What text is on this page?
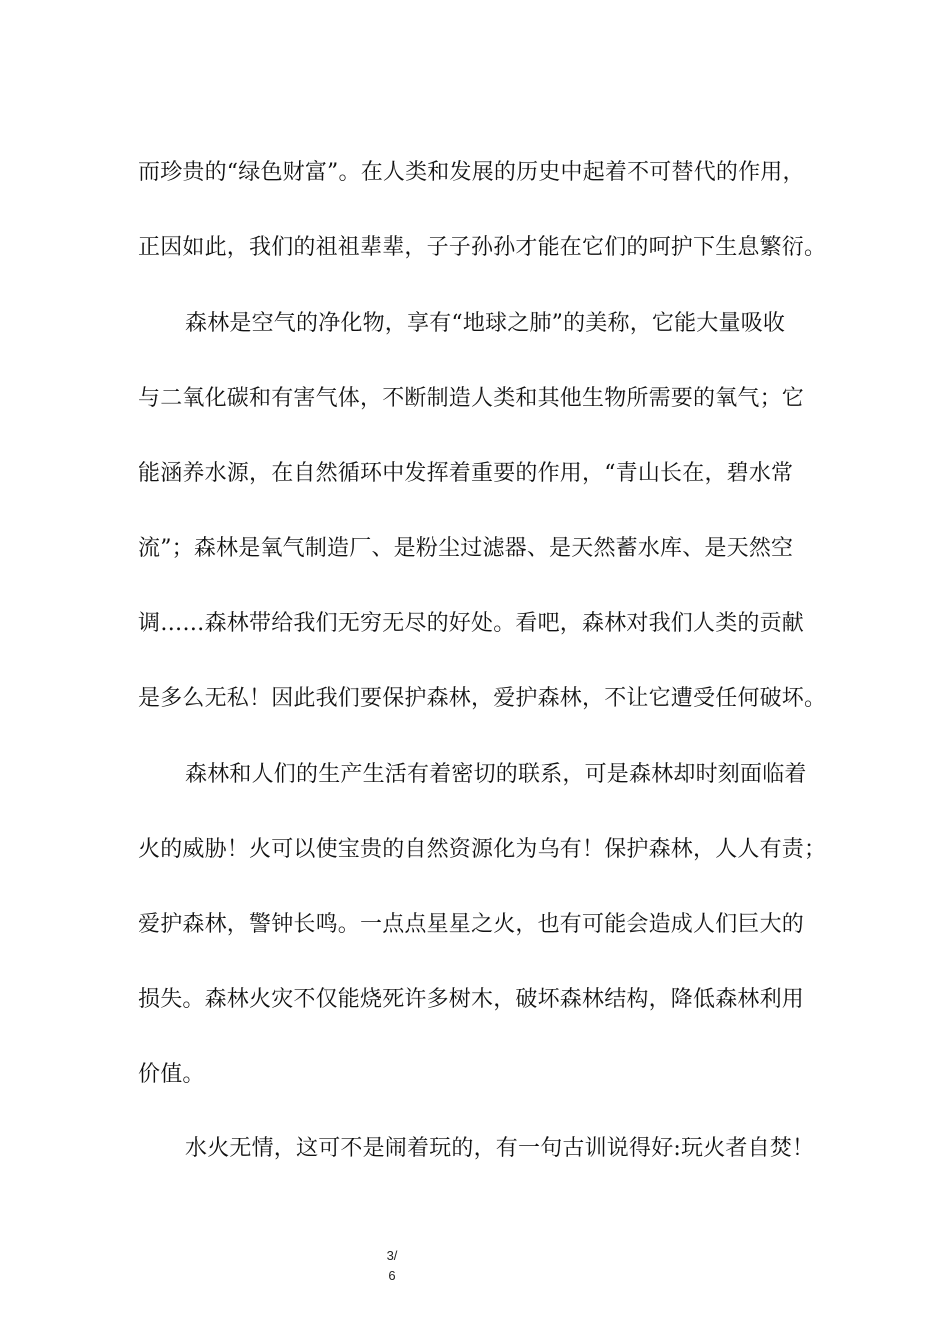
而珍贵的“绿色财富”。在人类和发展的历史中起着不可替代的作用，
正因如此，我们的祖祖辈辈，子子孙孙才能在它们的呵护下生息繁衍。
森林是空气的净化物，享有“地球之肺”的美称，它能大量吸收
与二氧化碳和有害气体，不断制造人类和其他生物所需要的氧气；它
能涵养水源，在自然循环中发挥着重要的作用，“青山长在，碧水常
流”；森林是氧气制造厂、是粉尘过滤器、是天然蓄水库、是天然空
调……森林带给我们无穷无尽的好处。看吧，森林对我们人类的贡献
是多么无私！因此我们要保护森林，爱护森林，不让它遭受任何破坏。
森林和人们的生产生活有着密切的联系，可是森林却时刻面临着
火的威胁！火可以使宝贵的自然资源化为乌有！保护森林，人人有责；
爱护森林，警钟长鸣。一点点星星之火，也有可能会造成人们巨大的
损失。森林火灾不仅能烧死许多树木，破坏森林结构，降低森林利用
价值。
水火无情，这可不是闹着玩的，有一句古训说得好:玩火者自焚！
3/
6
